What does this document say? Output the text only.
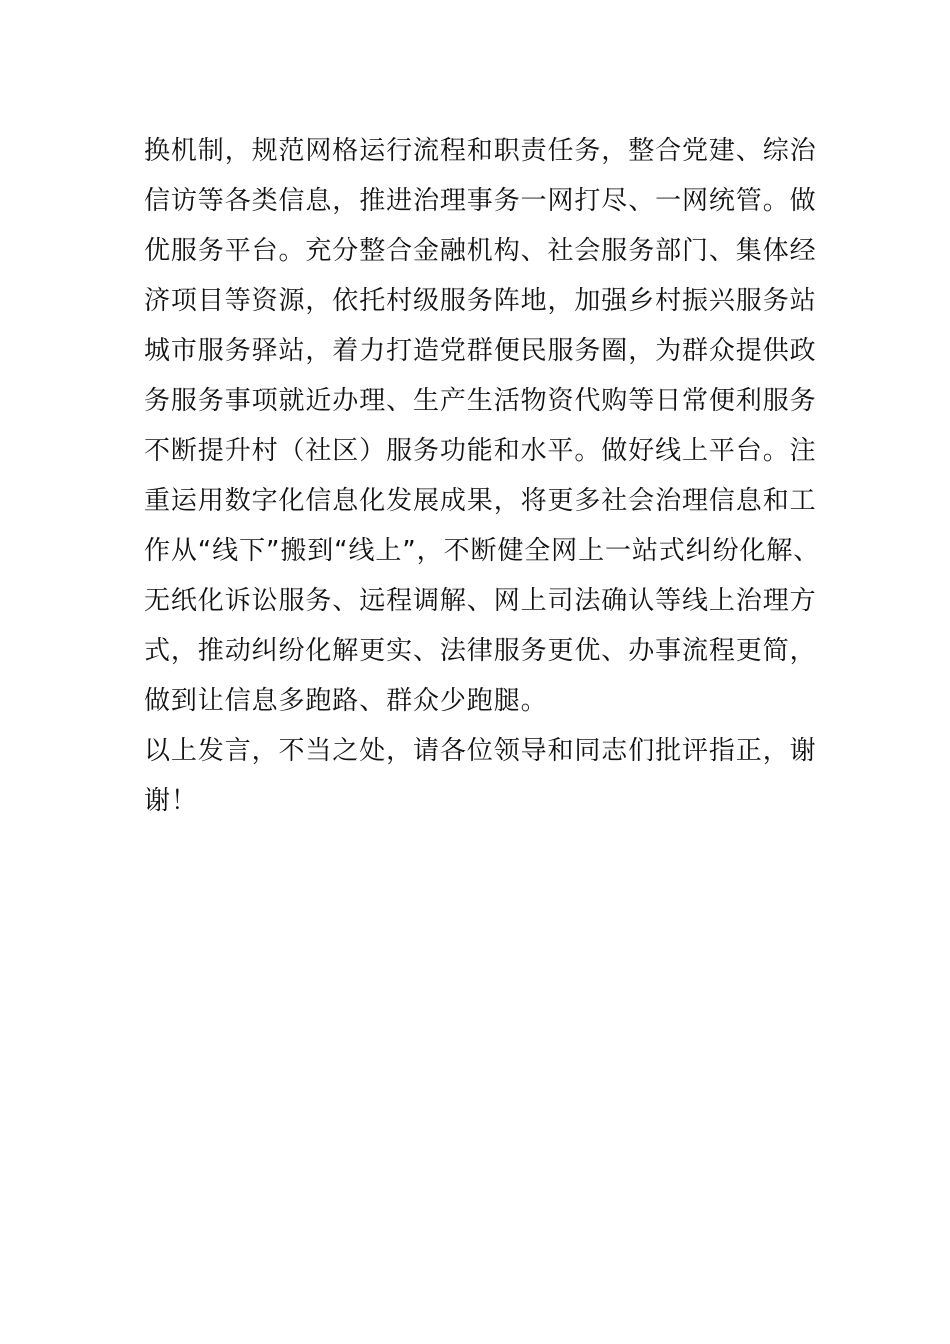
换机制，规范网格运行流程和职责任务，整合党建、综治
信访等各类信息，推进治理事务一网打尽、一网统管。做
优服务平台。充分整合金融机构、社会服务部门、集体经
济项目等资源，依托村级服务阵地，加强乡村振兴服务站
城市服务驿站，着力打造党群便民服务圈，为群众提供政
务服务事项就近办理、生产生活物资代购等日常便利服务
不断提升村（社区）服务功能和水平。做好线上平台。注
重运用数字化信息化发展成果，将更多社会治理信息和工
作从“线下”搬到“线上”，不断健全网上一站式纠纷化解、
无纸化诉讼服务、远程调解、网上司法确认等线上治理方
式，推动纠纷化解更实、法律服务更优、办事流程更简，
做到让信息多跑路、群众少跑腿。
以上发言，不当之处，请各位领导和同志们批评指正，谢
谢！
